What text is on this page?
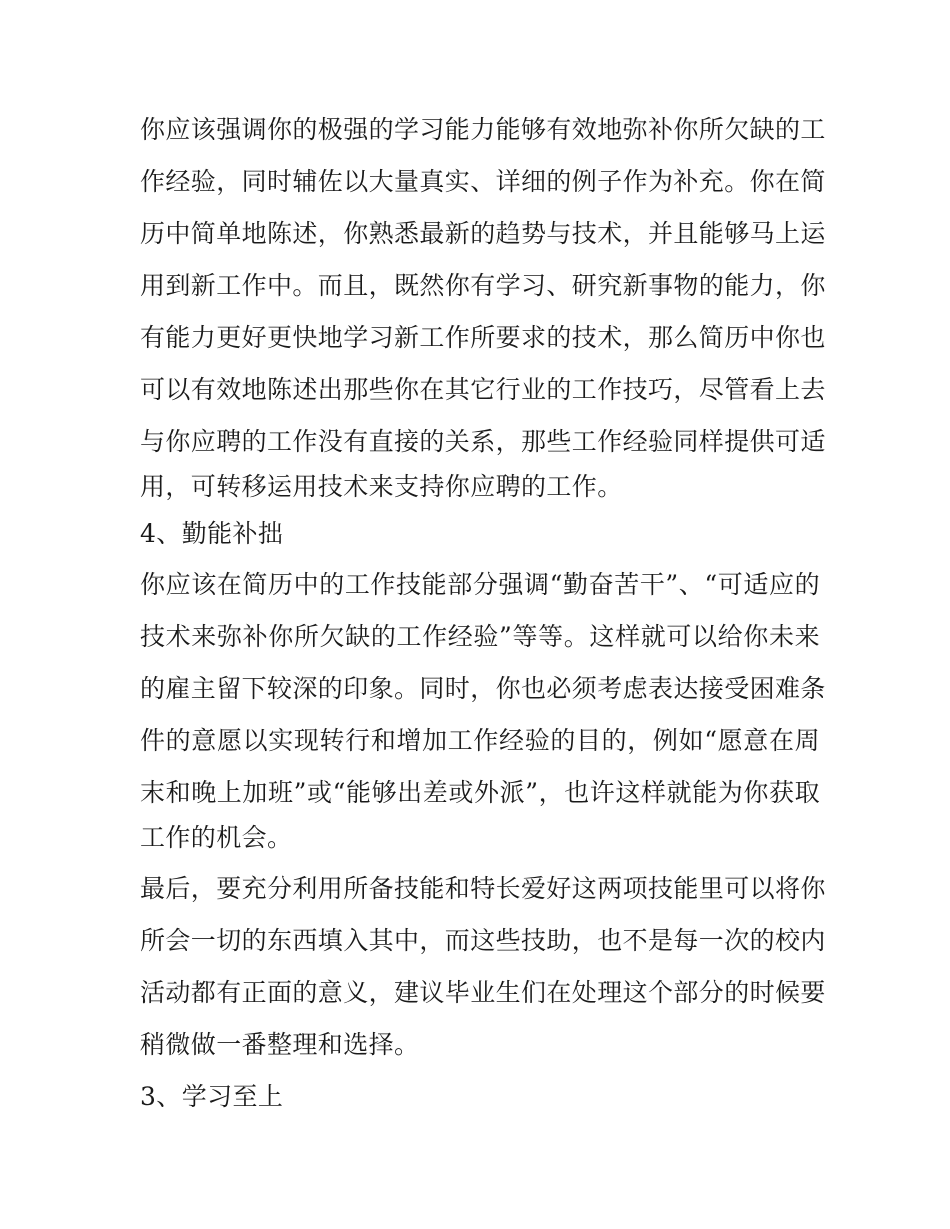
你应该强调你的极强的学习能力能够有效地弥补你所欠缺的工
作经验，同时辅佐以大量真实、详细的例子作为补充。你在简
历中简单地陈述，你熟悉最新的趋势与技术，并且能够马上运
用到新工作中。而且，既然你有学习、研究新事物的能力，你
有能力更好更快地学习新工作所要求的技术，那么简历中你也
可以有效地陈述出那些你在其它行业的工作技巧，尽管看上去
与你应聘的工作没有直接的关系，那些工作经验同样提供可适
用，可转移运用技术来支持你应聘的工作。
4、勤能补拙
你应该在简历中的工作技能部分强调“勤奋苦干”、“可适应的
技术来弥补你所欠缺的工作经验”等等。这样就可以给你未来
的雇主留下较深的印象。同时，你也必须考虑表达接受困难条
件的意愿以实现转行和增加工作经验的目的，例如“愿意在周
末和晚上加班”或“能够出差或外派”，也许这样就能为你获取
工作的机会。
最后，要充分利用所备技能和特长爱好这两项技能里可以将你
所会一切的东西填入其中，而这些技助，也不是每一次的校内
活动都有正面的意义，建议毕业生们在处理这个部分的时候要
稍微做一番整理和选择。
3、学习至上
